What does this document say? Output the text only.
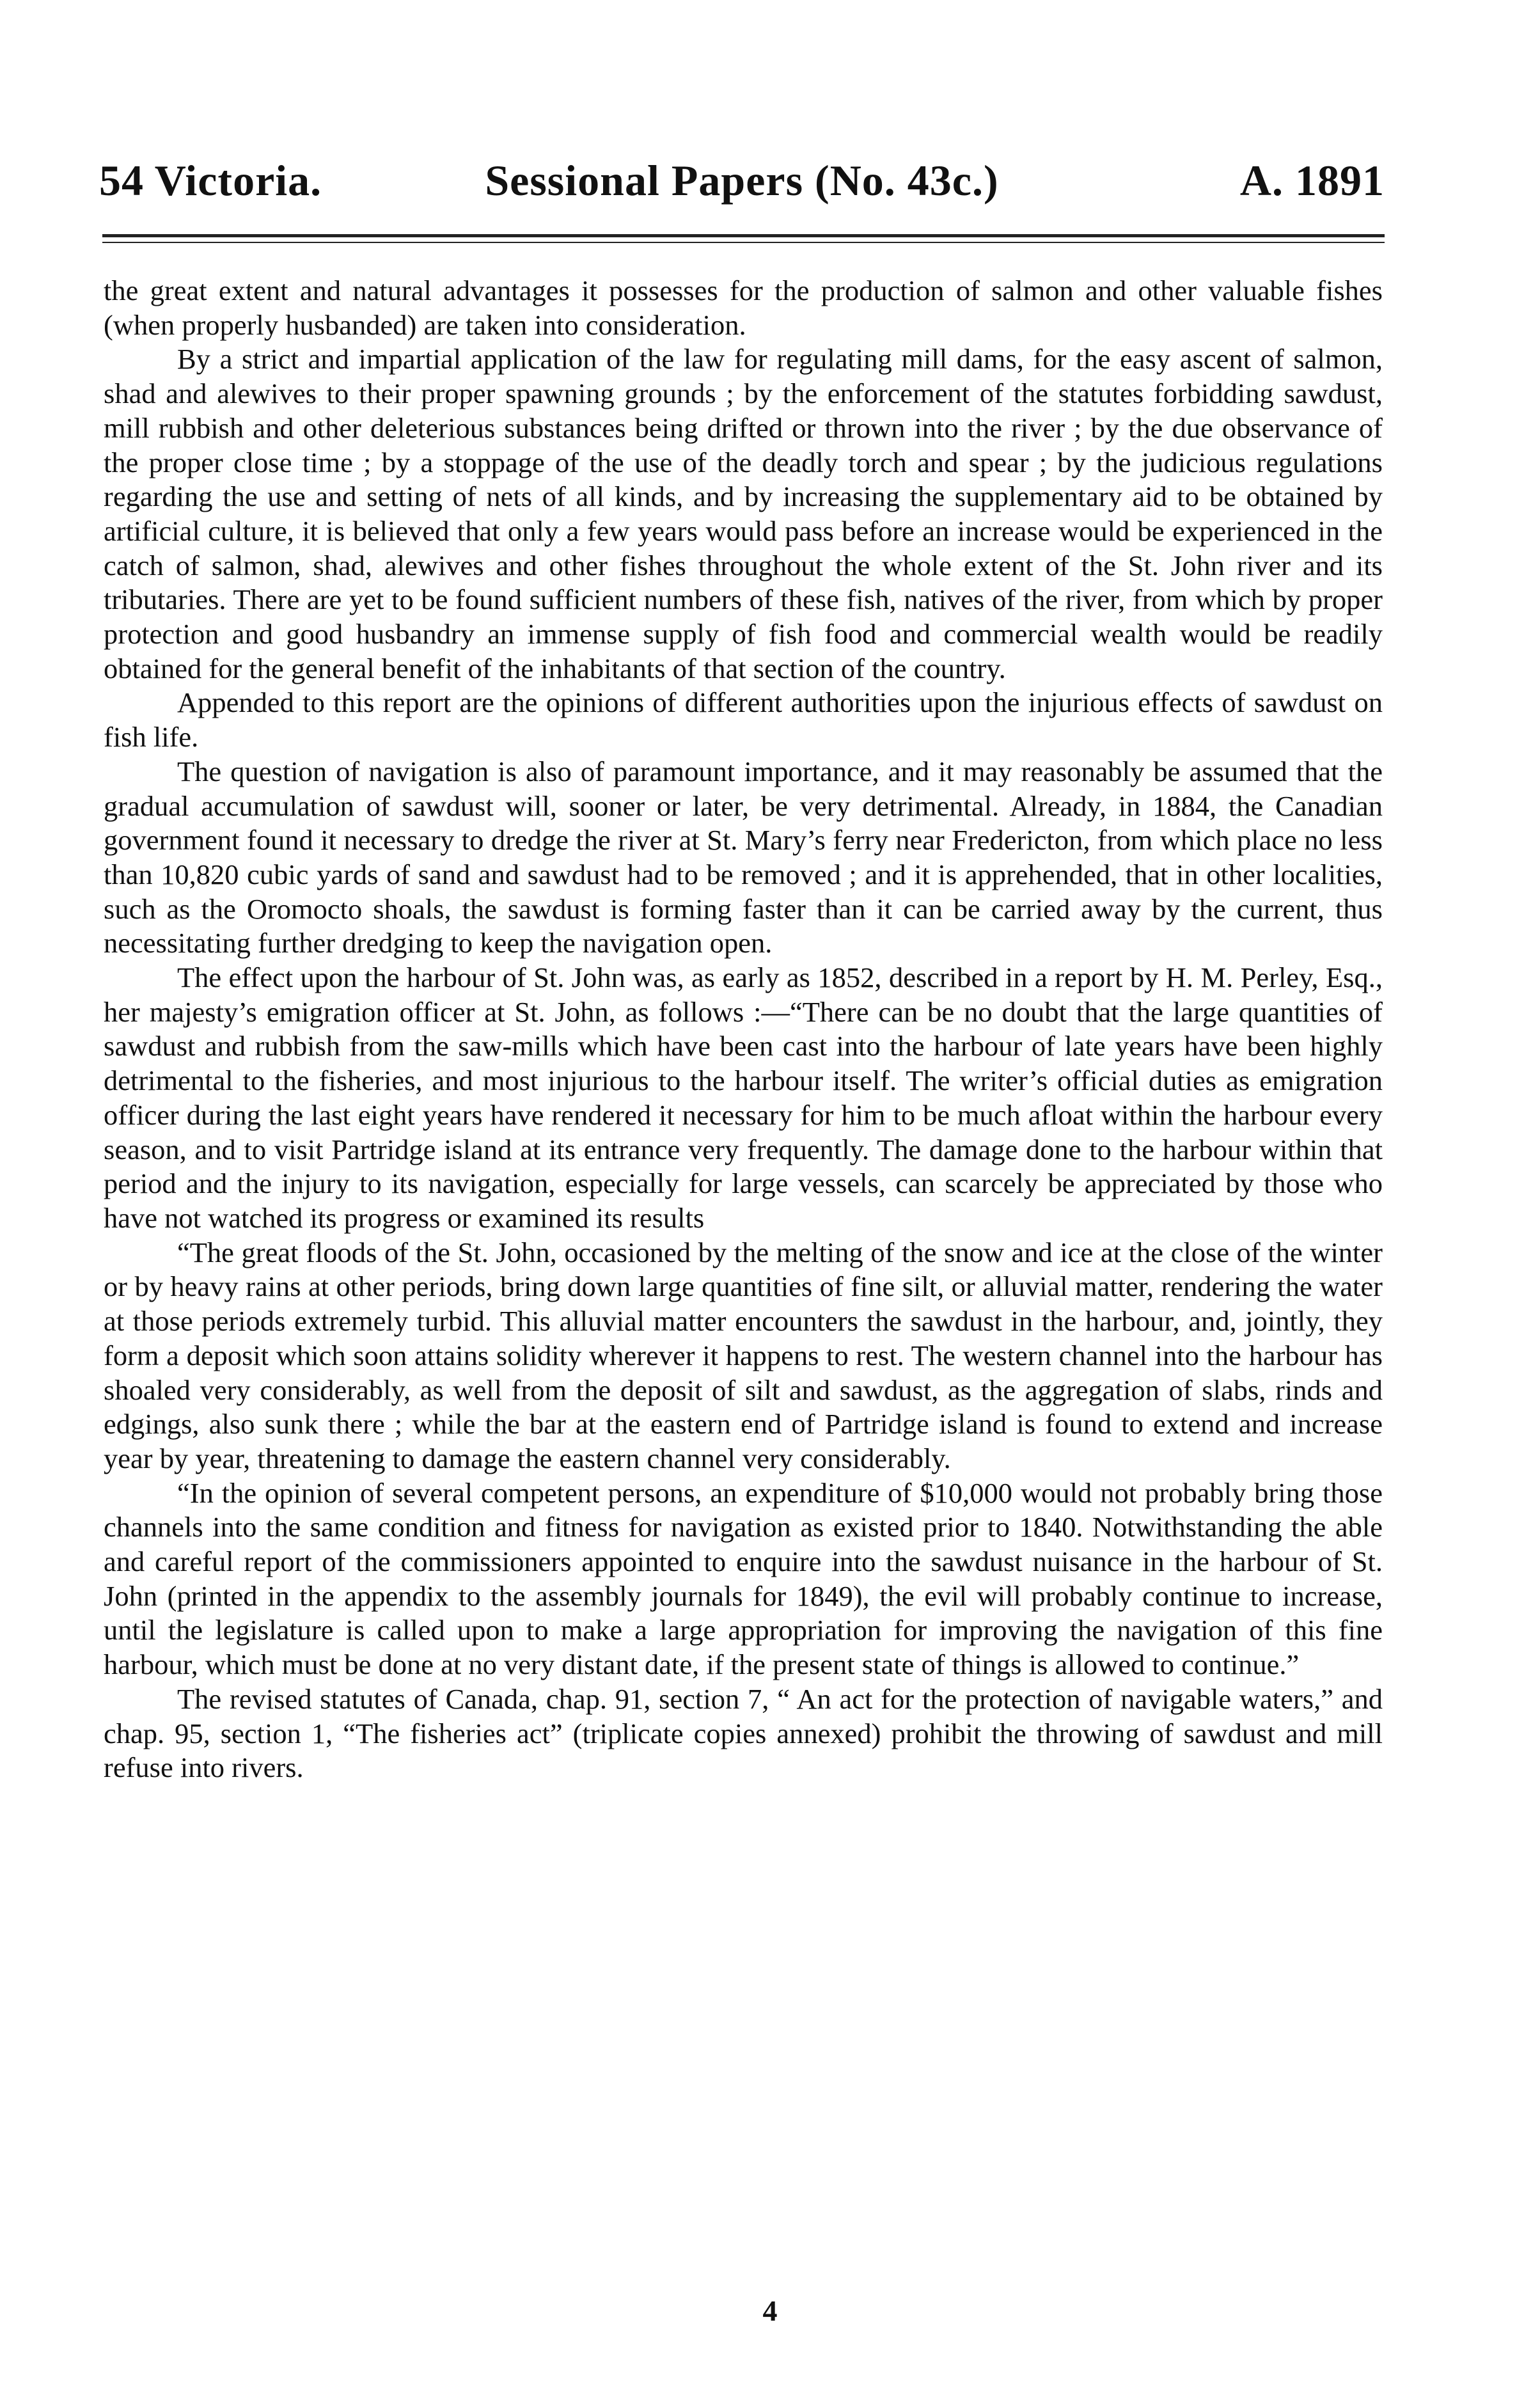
54 Victoria.	Sessional Papers (No. 43c.)	A. 1891

the great extent and natural advantages it possesses for the production of salmon and other valuable fishes (when properly husbanded) are taken into consideration.

By a strict and impartial application of the law for regulating mill dams, for the easy ascent of salmon, shad and alewives to their proper spawning grounds ; by the enforcement of the statutes forbidding sawdust, mill rubbish and other deleterious substances being drifted or thrown into the river ; by the due observance of the proper close time ; by a stoppage of the use of the deadly torch and spear ; by the judicious regulations regarding the use and setting of nets of all kinds, and by increasing the supplementary aid to be obtained by artificial culture, it is believed that only a few years would pass before an increase would be experienced in the catch of salmon, shad, alewives and other fishes throughout the whole extent of the St. John river and its tributaries. There are yet to be found sufficient numbers of these fish, natives of the river, from which by proper protection and good husbandry an immense supply of fish food and commercial wealth would be readily obtained for the general benefit of the inhabitants of that section of the country.

Appended to this report are the opinions of different authorities upon the injurious effects of sawdust on fish life.

The question of navigation is also of paramount importance, and it may reasonably be assumed that the gradual accumulation of sawdust will, sooner or later, be very detrimental. Already, in 1884, the Canadian government found it necessary to dredge the river at St. Mary’s ferry near Fredericton, from which place no less than 10,820 cubic yards of sand and sawdust had to be removed ; and it is apprehended, that in other localities, such as the Oromocto shoals, the sawdust is forming faster than it can be carried away by the current, thus necessitating further dredging to keep the navigation open.

The effect upon the harbour of St. John was, as early as 1852, described in a report by H. M. Perley, Esq., her majesty’s emigration officer at St. John, as follows :—“There can be no doubt that the large quantities of sawdust and rubbish from the saw-mills which have been cast into the harbour of late years have been highly detrimental to the fisheries, and most injurious to the harbour itself. The writer’s official duties as emigration officer during the last eight years have rendered it necessary for him to be much afloat within the harbour every season, and to visit Partridge island at its entrance very frequently. The damage done to the harbour within that period and the injury to its navigation, especially for large vessels, can scarcely be appreciated by those who have not watched its progress or examined its results

“The great floods of the St. John, occasioned by the melting of the snow and ice at the close of the winter or by heavy rains at other periods, bring down large quantities of fine silt, or alluvial matter, rendering the water at those periods extremely turbid. This alluvial matter encounters the sawdust in the harbour, and, jointly, they form a deposit which soon attains solidity wherever it happens to rest. The western channel into the harbour has shoaled very considerably, as well from the deposit of silt and sawdust, as the aggregation of slabs, rinds and edgings, also sunk there ; while the bar at the eastern end of Partridge island is found to extend and increase year by year, threatening to damage the eastern channel very considerably.

“In the opinion of several competent persons, an expenditure of $10,000 would not probably bring those channels into the same condition and fitness for navigation as existed prior to 1840. Notwithstanding the able and careful report of the commissioners appointed to enquire into the sawdust nuisance in the harbour of St. John (printed in the appendix to the assembly journals for 1849), the evil will probably continue to increase, until the legislature is called upon to make a large appropriation for improving the navigation of this fine harbour, which must be done at no very distant date, if the present state of things is allowed to continue.”

The revised statutes of Canada, chap. 91, section 7, “ An act for the protection of navigable waters,” and chap. 95, section 1, “The fisheries act” (triplicate copies annexed) prohibit the throwing of sawdust and mill refuse into rivers.

4
